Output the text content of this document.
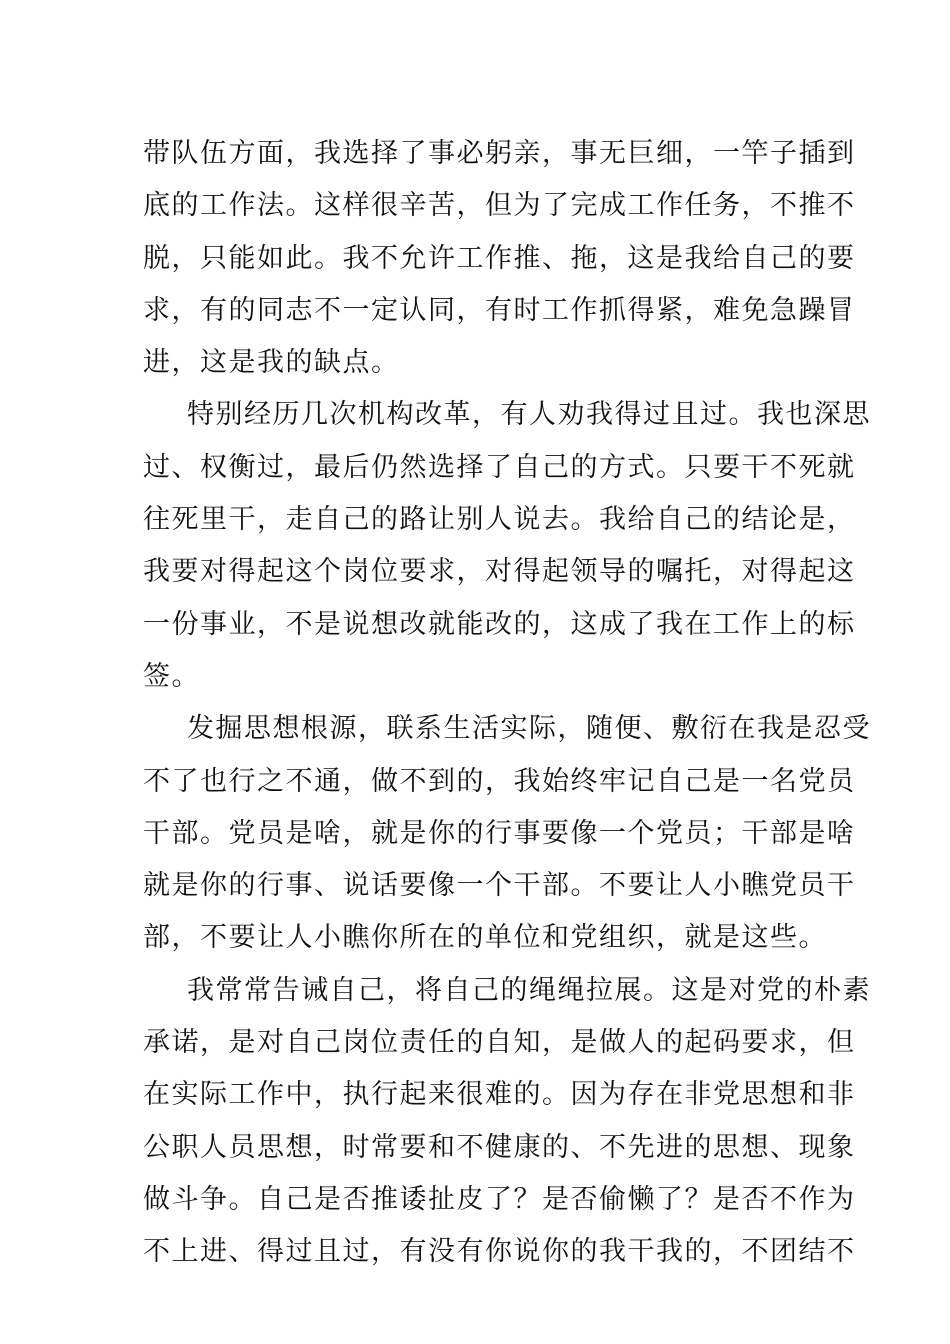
带队伍方面，我选择了事必躬亲，事无巨细，一竿子插到
底的工作法。这样很辛苦，但为了完成工作任务，不推不
脱，只能如此。我不允许工作推、拖，这是我给自己的要
求，有的同志不一定认同，有时工作抓得紧，难免急躁冒
进，这是我的缺点。
特别经历几次机构改革，有人劝我得过且过。我也深思
过、权衡过，最后仍然选择了自己的方式。只要干不死就
往死里干，走自己的路让别人说去。我给自己的结论是，
我要对得起这个岗位要求，对得起领导的嘱托，对得起这
一份事业，不是说想改就能改的，这成了我在工作上的标
签。
发掘思想根源，联系生活实际，随便、敷衍在我是忍受
不了也行之不通，做不到的，我始终牢记自己是一名党员
干部。党员是啥，就是你的行事要像一个党员；干部是啥
就是你的行事、说话要像一个干部。不要让人小瞧党员干
部，不要让人小瞧你所在的单位和党组织，就是这些。
我常常告诫自己，将自己的绳绳拉展。这是对党的朴素
承诺，是对自己岗位责任的自知，是做人的起码要求，但
在实际工作中，执行起来很难的。因为存在非党思想和非
公职人员思想，时常要和不健康的、不先进的思想、现象
做斗争。自己是否推诿扯皮了？是否偷懒了？是否不作为
不上进、得过且过，有没有你说你的我干我的，不团结不
